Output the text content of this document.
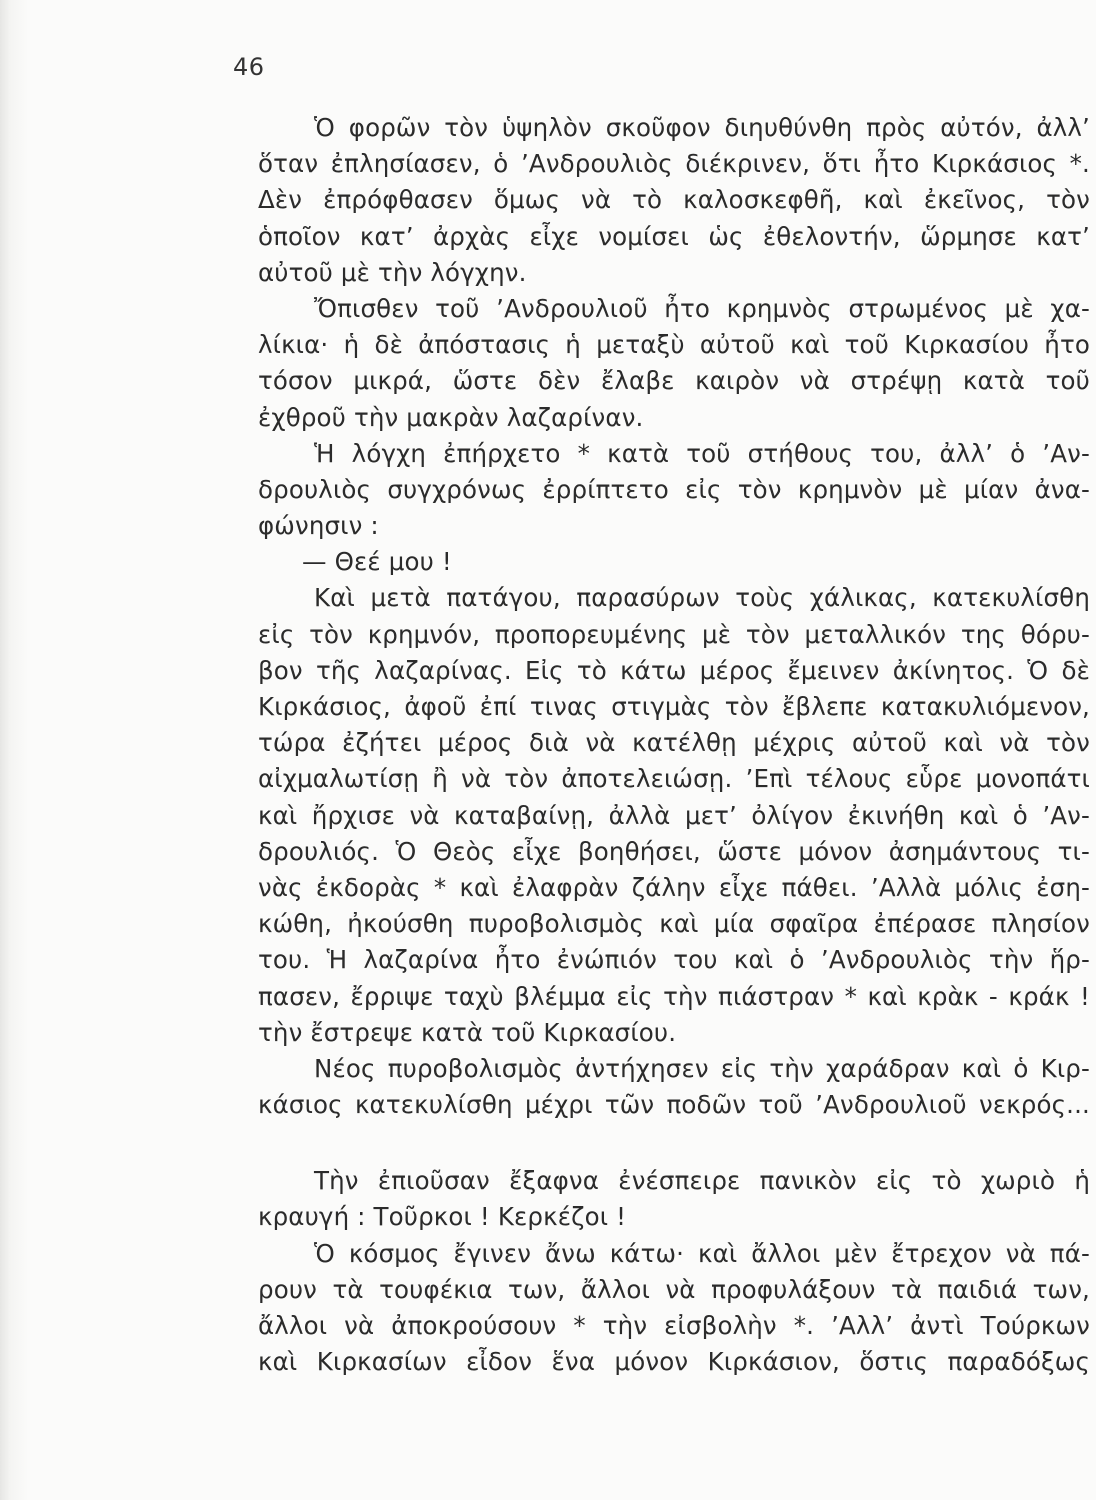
46
Ὁ φορῶν τὸν ὑψηλὸν σκοῦφον διηυθύνθη πρὸς αὐτόν, ἀλλ’
ὅταν ἐπλησίασεν, ὁ ’Ανδρουλιὸς διέκρινεν, ὅτι ἦτο Κιρκάσιος *.
Δὲν ἐπρόφθασεν ὅμως νὰ τὸ καλοσκεφθῆ, καὶ ἐκεῖνος, τὸν
ὁποῖον κατ’ ἀρχὰς εἶχε νομίσει ὡς ἐθελοντήν, ὥρμησε κατ’
αὐτοῦ μὲ τὴν λόγχην.
Ὄπισθεν τοῦ ’Ανδρουλιοῦ ἦτο κρημνὸς στρωμένος μὲ χα-
λίκια· ἡ δὲ ἀπόστασις ἡ μεταξὺ αὐτοῦ καὶ τοῦ Κιρκασίου ἦτο
τόσον μικρά, ὥστε δὲν ἔλαβε καιρὸν νὰ στρέψῃ κατὰ τοῦ
ἐχθροῦ τὴν μακρὰν λαζαρίναν.
Ἡ λόγχη ἐπήρχετο * κατὰ τοῦ στήθους του, ἀλλ’ ὁ ’Αν-
δρουλιὸς συγχρόνως ἐρρίπτετο εἰς τὸν κρημνὸν μὲ μίαν ἀνα-
φώνησιν :
— Θεέ μου !
Καὶ μετὰ πατάγου, παρασύρων τοὺς χάλικας, κατεκυλίσθη
εἰς τὸν κρημνόν, προπορευμένης μὲ τὸν μεταλλικόν της θόρυ-
βον τῆς λαζαρίνας. Εἰς τὸ κάτω μέρος ἔμεινεν ἀκίνητος. Ὁ δὲ
Κιρκάσιος, ἀφοῦ ἐπί τινας στιγμὰς τὸν ἔβλεπε κατακυλιόμενον,
τώρα ἐζήτει μέρος διὰ νὰ κατέλθῃ μέχρις αὐτοῦ καὶ νὰ τὸν
αἰχμαλωτίσῃ ἢ νὰ τὸν ἀποτελειώσῃ. ’Επὶ τέλους εὗρε μονοπάτι
καὶ ἤρχισε νὰ καταβαίνῃ, ἀλλὰ μετ’ ὀλίγον ἐκινήθη καὶ ὁ ’Αν-
δρουλιός. Ὁ Θεὸς εἶχε βοηθήσει, ὥστε μόνον ἀσημάντους τι-
νὰς ἐκδορὰς * καὶ ἐλαφρὰν ζάλην εἶχε πάθει. ’Αλλὰ μόλις ἐση-
κώθη, ἠκούσθη πυροβολισμὸς καὶ μία σφαῖρα ἐπέρασε πλησίον
του. Ἡ λαζαρίνα ἦτο ἐνώπιόν του καὶ ὁ ’Ανδρουλιὸς τὴν ἥρ-
πασεν, ἔρριψε ταχὺ βλέμμα εἰς τὴν πιάστραν * καὶ κρὰκ - κράκ !
τὴν ἔστρεψε κατὰ τοῦ Κιρκασίου.
Νέος πυροβολισμὸς ἀντήχησεν εἰς τὴν χαράδραν καὶ ὁ Κιρ-
κάσιος κατεκυλίσθη μέχρι τῶν ποδῶν τοῦ ’Ανδρουλιοῦ νεκρός...
Τὴν ἐπιοῦσαν ἔξαφνα ἐνέσπειρε πανικὸν εἰς τὸ χωριὸ ἡ
κραυγή : Τοῦρκοι ! Κερκέζοι !
Ὁ κόσμος ἔγινεν ἄνω κάτω· καὶ ἄλλοι μὲν ἔτρεχον νὰ πά-
ρουν τὰ τουφέκια των, ἄλλοι νὰ προφυλάξουν τὰ παιδιά των,
ἄλλοι νὰ ἀποκρούσουν * τὴν εἰσβολὴν *. ’Αλλ’ ἀντὶ Τούρκων
καὶ Κιρκασίων εἶδον ἕνα μόνον Κιρκάσιον, ὅστις παραδόξως
